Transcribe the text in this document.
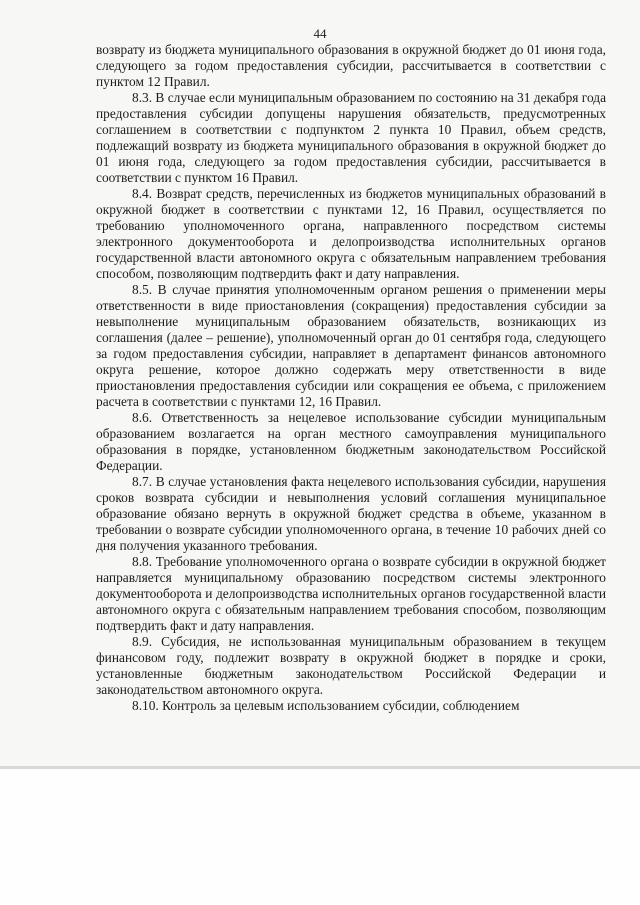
44

возврату из бюджета муниципального образования в окружной бюджет до 01 июня года, следующего за годом предоставления субсидии, рассчитывается в соответствии с пунктом 12 Правил.

8.3. В случае если муниципальным образованием по состоянию на 31 декабря года предоставления субсидии допущены нарушения обязательств, предусмотренных соглашением в соответствии с подпунктом 2 пункта 10 Правил, объем средств, подлежащий возврату из бюджета муниципального образования в окружной бюджет до 01 июня года, следующего за годом предоставления субсидии, рассчитывается в соответствии с пунктом 16 Правил.

8.4. Возврат средств, перечисленных из бюджетов муниципальных образований в окружной бюджет в соответствии с пунктами 12, 16 Правил, осуществляется по требованию уполномоченного органа, направленного посредством системы электронного документооборота и делопроизводства исполнительных органов государственной власти автономного округа с обязательным направлением требования способом, позволяющим подтвердить факт и дату направления.

8.5. В случае принятия уполномоченным органом решения о применении меры ответственности в виде приостановления (сокращения) предоставления субсидии за невыполнение муниципальным образованием обязательств, возникающих из соглашения (далее – решение), уполномоченный орган до 01 сентября года, следующего за годом предоставления субсидии, направляет в департамент финансов автономного округа решение, которое должно содержать меру ответственности в виде приостановления предоставления субсидии или сокращения ее объема, с приложением расчета в соответствии с пунктами 12, 16 Правил.

8.6. Ответственность за нецелевое использование субсидии муниципальным образованием возлагается на орган местного самоуправления муниципального образования в порядке, установленном бюджетным законодательством Российской Федерации.

8.7. В случае установления факта нецелевого использования субсидии, нарушения сроков возврата субсидии и невыполнения условий соглашения муниципальное образование обязано вернуть в окружной бюджет средства в объеме, указанном в требовании о возврате субсидии уполномоченного органа, в течение 10 рабочих дней со дня получения указанного требования.

8.8. Требование уполномоченного органа о возврате субсидии в окружной бюджет направляется муниципальному образованию посредством системы электронного документооборота и делопроизводства исполнительных органов государственной власти автономного округа с обязательным направлением требования способом, позволяющим подтвердить факт и дату направления.

8.9. Субсидия, не использованная муниципальным образованием в текущем финансовом году, подлежит возврату в окружной бюджет в порядке и сроки, установленные бюджетным законодательством Российской Федерации и законодательством автономного округа.

8.10. Контроль за целевым использованием субсидии, соблюдением
